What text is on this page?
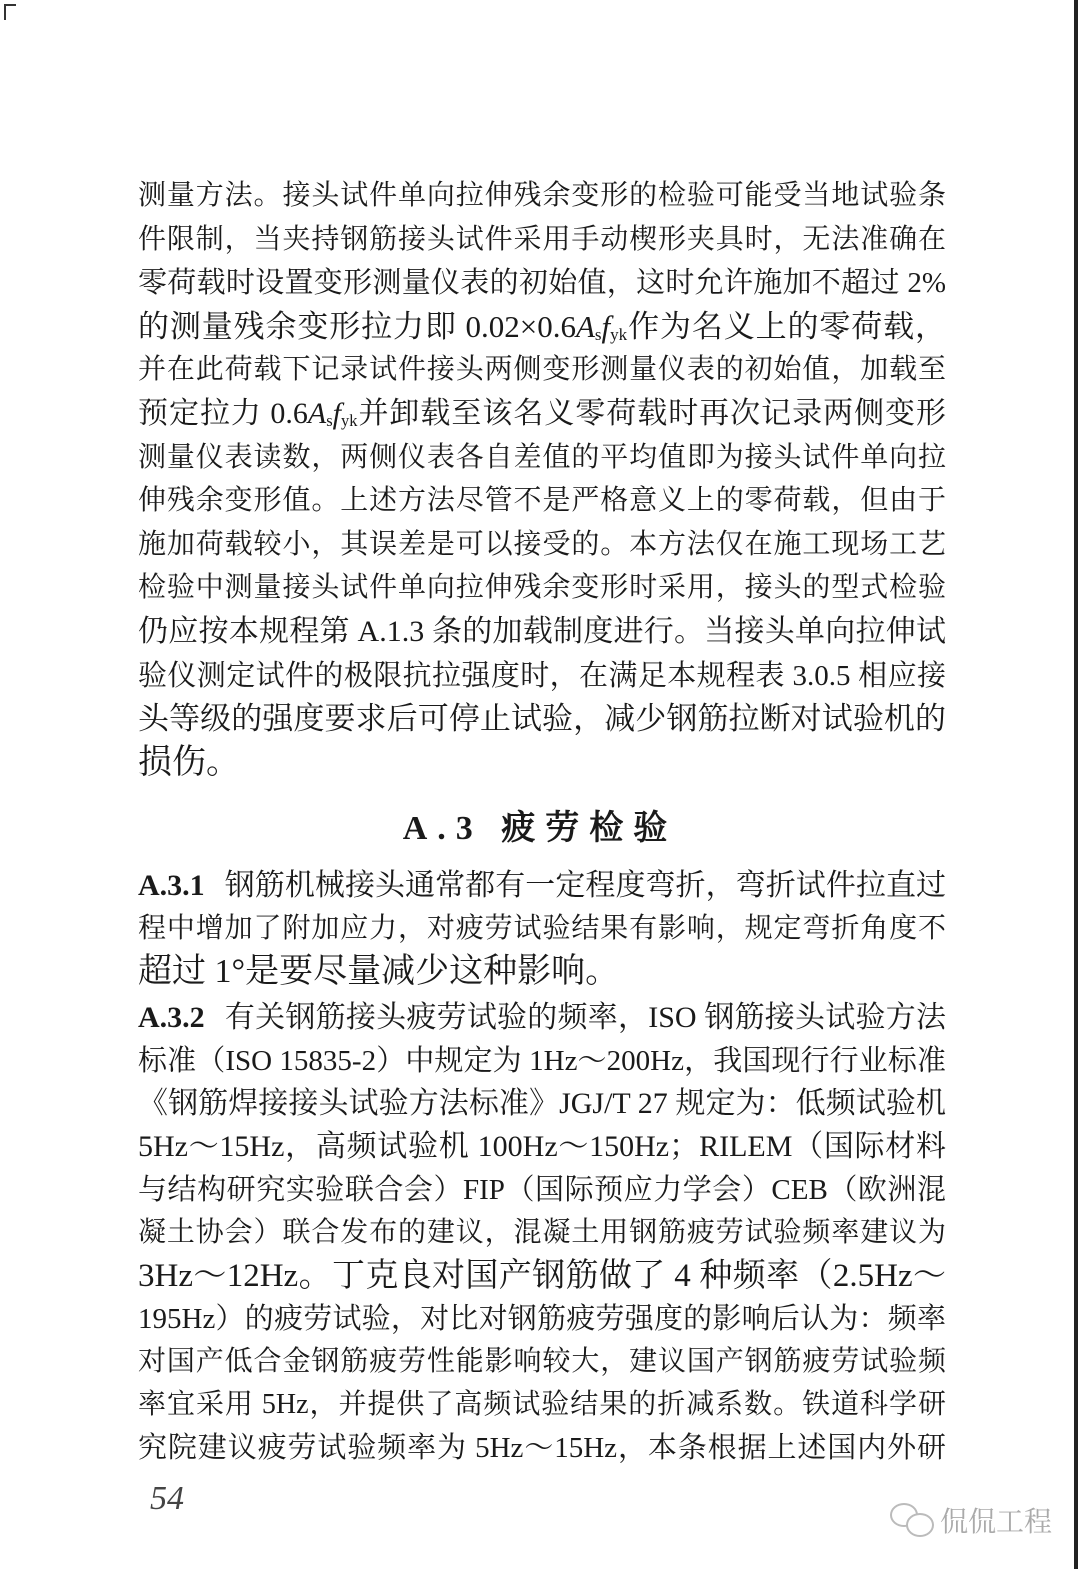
测量方法。接头试件单向拉伸残余变形的检验可能受当地试验条
件限制，当夹持钢筋接头试件采用手动楔形夹具时，无法准确在
零荷载时设置变形测量仪表的初始值，这时允许施加不超过 2%
的测量残余变形拉力即 0.02×0.6Asfyk作为名义上的零荷载，
并在此荷载下记录试件接头两侧变形测量仪表的初始值，加载至
预定拉力 0.6Asfyk并卸载至该名义零荷载时再次记录两侧变形
测量仪表读数，两侧仪表各自差值的平均值即为接头试件单向拉
伸残余变形值。上述方法尽管不是严格意义上的零荷载，但由于
施加荷载较小，其误差是可以接受的。本方法仅在施工现场工艺
检验中测量接头试件单向拉伸残余变形时采用，接头的型式检验
仍应按本规程第 A.1.3 条的加载制度进行。当接头单向拉伸试
验仪测定试件的极限抗拉强度时，在满足本规程表 3.0.5 相应接
头等级的强度要求后可停止试验，减少钢筋拉断对试验机的
损伤。
A.3 疲劳检验
A.3.1 钢筋机械接头通常都有一定程度弯折，弯折试件拉直过
程中增加了附加应力，对疲劳试验结果有影响，规定弯折角度不
超过 1°是要尽量减少这种影响。
A.3.2 有关钢筋接头疲劳试验的频率，ISO 钢筋接头试验方法
标准（ISO 15835-2）中规定为 1Hz～200Hz，我国现行行业标准
《钢筋焊接接头试验方法标准》JGJ/T 27 规定为：低频试验机
5Hz～15Hz，高频试验机 100Hz～150Hz；RILEM（国际材料
与结构研究实验联合会）FIP（国际预应力学会）CEB（欧洲混
凝土协会）联合发布的建议，混凝土用钢筋疲劳试验频率建议为
3Hz～12Hz。丁克良对国产钢筋做了 4 种频率（2.5Hz～
195Hz）的疲劳试验，对比对钢筋疲劳强度的影响后认为：频率
对国产低合金钢筋疲劳性能影响较大，建议国产钢筋疲劳试验频
率宜采用 5Hz，并提供了高频试验结果的折减系数。铁道科学研
究院建议疲劳试验频率为 5Hz～15Hz，本条根据上述国内外研
54
侃侃工程
